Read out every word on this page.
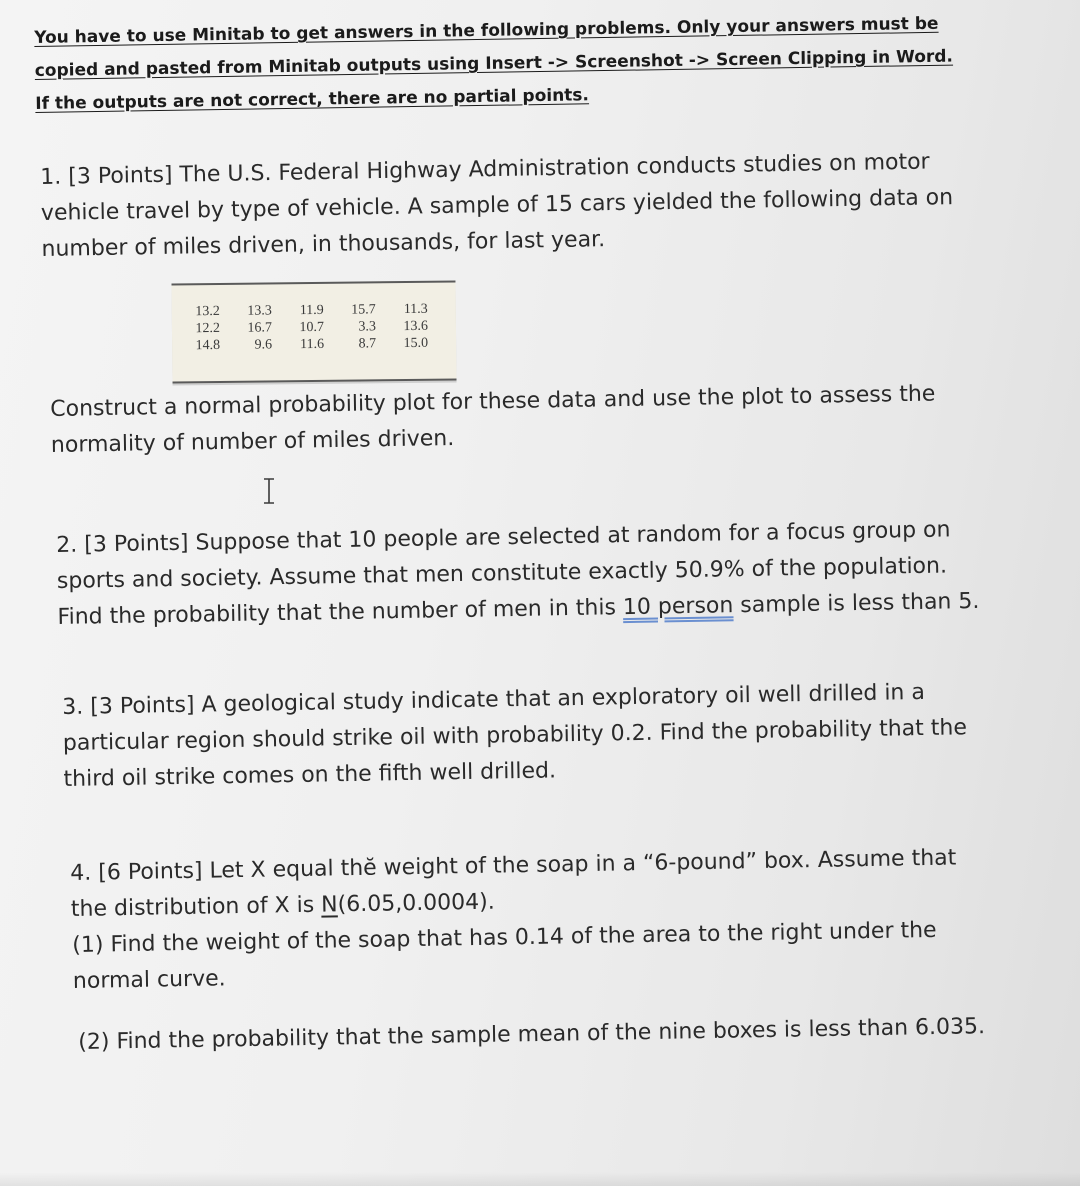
You have to use Minitab to get answers in the following problems. Only your answers must be
copied and pasted from Minitab outputs using Insert -> Screenshot -> Screen Clipping in Word.
If the outputs are not correct, there are no partial points.
1. [3 Points] The U.S. Federal Highway Administration conducts studies on motor
vehicle travel by type of vehicle. A sample of 15 cars yielded the following data on
number of miles driven, in thousands, for last year.
13.2	13.3	11.9	15.7	11.3
12.2	16.7	10.7	3.3	13.6
14.8	9.6	11.6	8.7	15.0
Construct a normal probability plot for these data and use the plot to assess the
normality of number of miles driven.
2. [3 Points] Suppose that 10 people are selected at random for a focus group on
sports and society. Assume that men constitute exactly 50.9% of the population.
Find the probability that the number of men in this 10 person sample is less than 5.
3. [3 Points] A geological study indicate that an exploratory oil well drilled in a
particular region should strike oil with probability 0.2. Find the probability that the
third oil strike comes on the fifth well drilled.
4. [6 Points] Let X equal thĕ weight of the soap in a “6-pound” box. Assume that
the distribution of X is N(6.05,0.0004).
(1) Find the weight of the soap that has 0.14 of the area to the right under the
normal curve.
(2) Find the probability that the sample mean of the nine boxes is less than 6.035.
